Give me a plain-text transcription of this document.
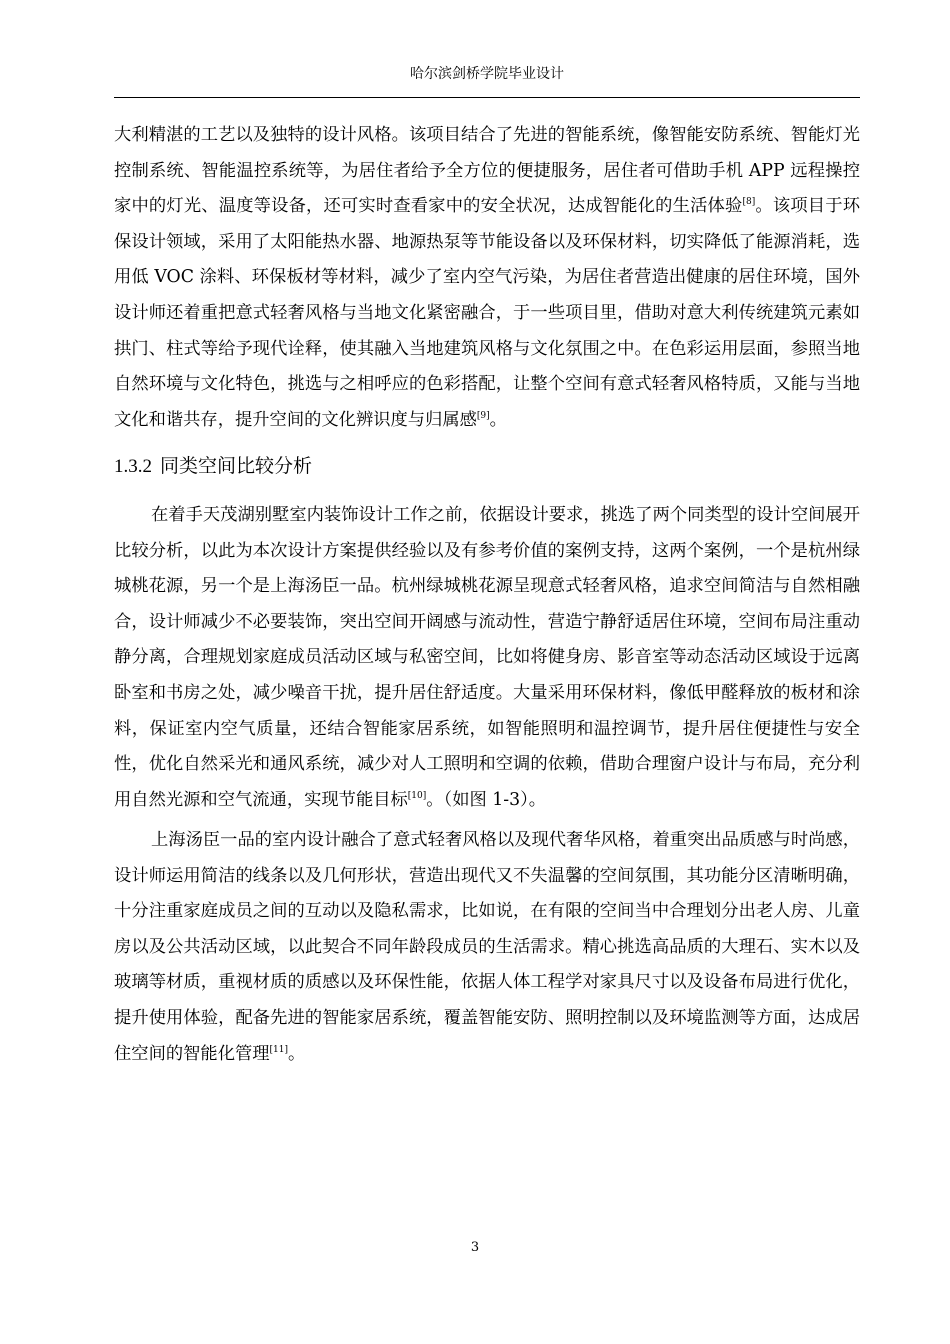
哈尔滨剑桥学院毕业设计

大利精湛的工艺以及独特的设计风格。该项目结合了先进的智能系统，像智能安防系统、智能灯光控制系统、智能温控系统等，为居住者给予全方位的便捷服务，居住者可借助手机 APP 远程操控家中的灯光、温度等设备，还可实时查看家中的安全状况，达成智能化的生活体验[8]。该项目于环保设计领域，采用了太阳能热水器、地源热泵等节能设备以及环保材料，切实降低了能源消耗，选用低 VOC 涂料、环保板材等材料，减少了室内空气污染，为居住者营造出健康的居住环境，国外设计师还着重把意式轻奢风格与当地文化紧密融合，于一些项目里，借助对意大利传统建筑元素如拱门、柱式等给予现代诠释，使其融入当地建筑风格与文化氛围之中。在色彩运用层面，参照当地自然环境与文化特色，挑选与之相呼应的色彩搭配，让整个空间有意式轻奢风格特质，又能与当地文化和谐共存，提升空间的文化辨识度与归属感[9]。

1.3.2 同类空间比较分析

在着手天茂湖别墅室内装饰设计工作之前，依据设计要求，挑选了两个同类型的设计空间展开比较分析，以此为本次设计方案提供经验以及有参考价值的案例支持，这两个案例，一个是杭州绿城桃花源，另一个是上海汤臣一品。杭州绿城桃花源呈现意式轻奢风格，追求空间简洁与自然相融合，设计师减少不必要装饰，突出空间开阔感与流动性，营造宁静舒适居住环境，空间布局注重动静分离，合理规划家庭成员活动区域与私密空间，比如将健身房、影音室等动态活动区域设于远离卧室和书房之处，减少噪音干扰，提升居住舒适度。大量采用环保材料，像低甲醛释放的板材和涂料，保证室内空气质量，还结合智能家居系统，如智能照明和温控调节，提升居住便捷性与安全性，优化自然采光和通风系统，减少对人工照明和空调的依赖，借助合理窗户设计与布局，充分利用自然光源和空气流通，实现节能目标[10]。（如图 1-3）。

上海汤臣一品的室内设计融合了意式轻奢风格以及现代奢华风格，着重突出品质感与时尚感，设计师运用简洁的线条以及几何形状，营造出现代又不失温馨的空间氛围，其功能分区清晰明确，十分注重家庭成员之间的互动以及隐私需求，比如说，在有限的空间当中合理划分出老人房、儿童房以及公共活动区域，以此契合不同年龄段成员的生活需求。精心挑选高品质的大理石、实木以及玻璃等材质，重视材质的质感以及环保性能，依据人体工程学对家具尺寸以及设备布局进行优化，提升使用体验，配备先进的智能家居系统，覆盖智能安防、照明控制以及环境监测等方面，达成居住空间的智能化管理[11]。

3
